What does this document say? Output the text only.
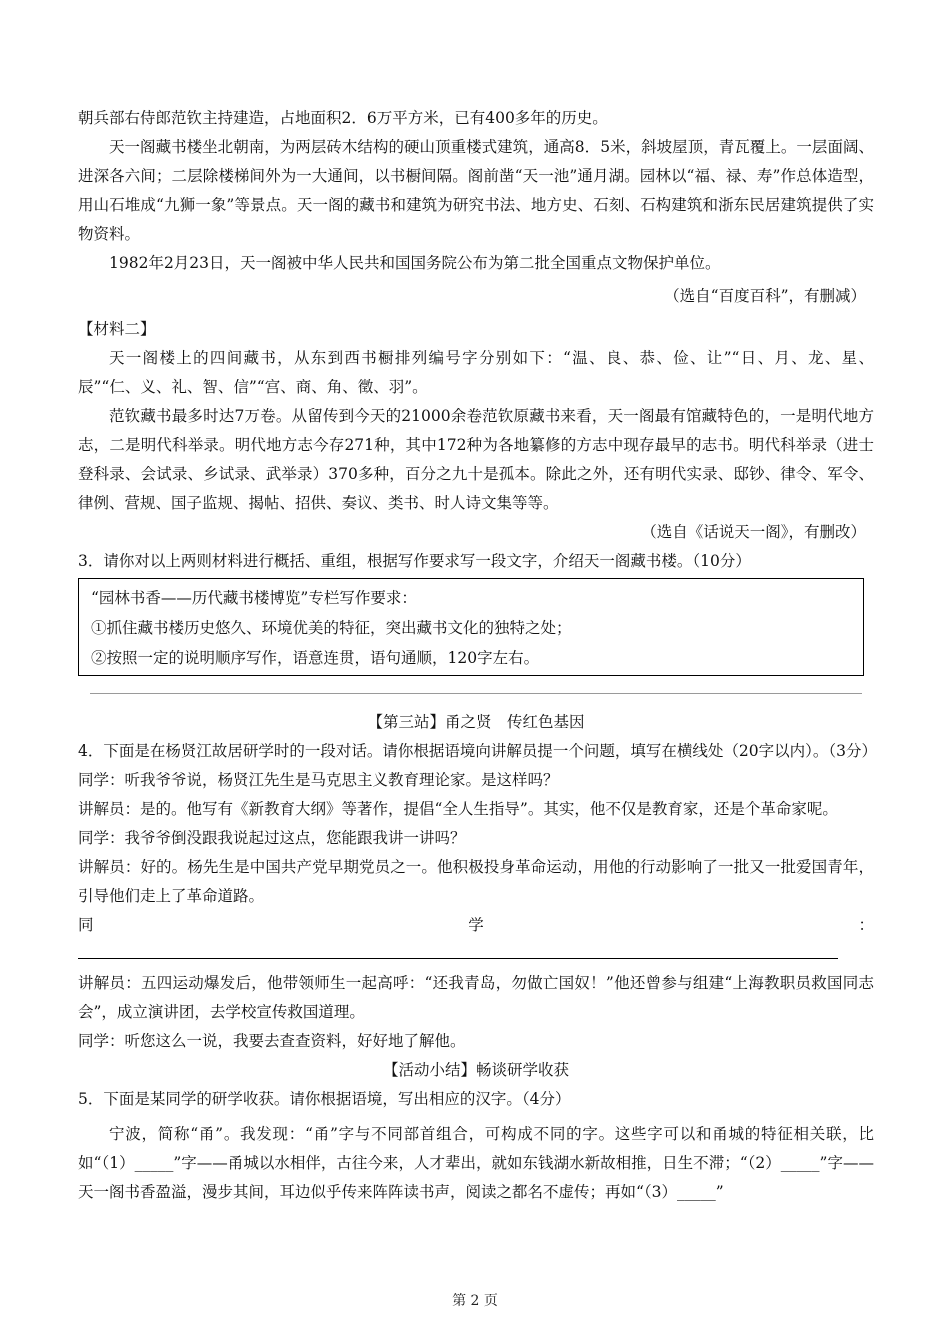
朝兵部右侍郎范钦主持建造，占地面积2．6万平方米，已有400多年的历史。

天一阁藏书楼坐北朝南，为两层砖木结构的硬山顶重楼式建筑，通高8．5米，斜坡屋顶，青瓦覆上。一层面阔、进深各六间；二层除楼梯间外为一大通间，以书橱间隔。阁前凿“天一池”通月湖。园林以“福、禄、寿”作总体造型，用山石堆成“九狮一象”等景点。天一阁的藏书和建筑为研究书法、地方史、石刻、石构建筑和浙东民居建筑提供了实物资料。

1982年2月23日，天一阁被中华人民共和国国务院公布为第二批全国重点文物保护单位。

（选自“百度百科”，有删减）

【材料二】

天一阁楼上的四间藏书，从东到西书橱排列编号字分别如下：“温、良、恭、俭、让”“日、月、龙、星、辰”“仁、义、礼、智、信”“宫、商、角、徵、羽”。

范钦藏书最多时达7万卷。从留传到今天的21000余卷范钦原藏书来看，天一阁最有馆藏特色的，一是明代地方志，二是明代科举录。明代地方志今存271种，其中172种为各地纂修的方志中现存最早的志书。明代科举录（进士登科录、会试录、乡试录、武举录）370多种，百分之九十是孤本。除此之外，还有明代实录、邸钞、律令、军令、律例、营规、国子监规、揭帖、招供、奏议、类书、时人诗文集等等。

（选自《话说天一阁》，有删改）

3．请你对以上两则材料进行概括、重组，根据写作要求写一段文字，介绍天一阁藏书楼。（10分）

“园林书香——历代藏书楼博览”专栏写作要求：

①抓住藏书楼历史悠久、环境优美的特征，突出藏书文化的独特之处；

②按照一定的说明顺序写作，语意连贯，语句通顺，120字左右。

【第三站】甬之贤　传红色基因

4．下面是在杨贤江故居研学时的一段对话。请你根据语境向讲解员提一个问题，填写在横线处（20字以内）。（3分）

同学：听我爷爷说，杨贤江先生是马克思主义教育理论家。是这样吗？

讲解员：是的。他写有《新教育大纲》等著作，提倡“全人生指导”。其实，他不仅是教育家，还是个革命家呢。

同学：我爷爷倒没跟我说起过这点，您能跟我讲一讲吗？

讲解员：好的。杨先生是中国共产党早期党员之一。他积极投身革命运动，用他的行动影响了一批又一批爱国青年，引导他们走上了革命道路。

同学：

讲解员：五四运动爆发后，他带领师生一起高呼：“还我青岛，勿做亡国奴！”他还曾参与组建“上海教职员救国同志会”，成立演讲团，去学校宣传救国道理。

同学：听您这么一说，我要去查查资料，好好地了解他。

【活动小结】畅谈研学收获

5．下面是某同学的研学收获。请你根据语境，写出相应的汉字。（4分）

宁波，简称“甬”。我发现：“甬”字与不同部首组合，可构成不同的字。这些字可以和甬城的特征相关联，比如“（1）_____”字——甬城以水相伴，古往今来，人才辈出，就如东钱湖水新故相推，日生不滞；“（2）_____”字——天一阁书香盈溢，漫步其间，耳边似乎传来阵阵读书声，阅读之都名不虚传；再如“（3）_____”

第 2 页
